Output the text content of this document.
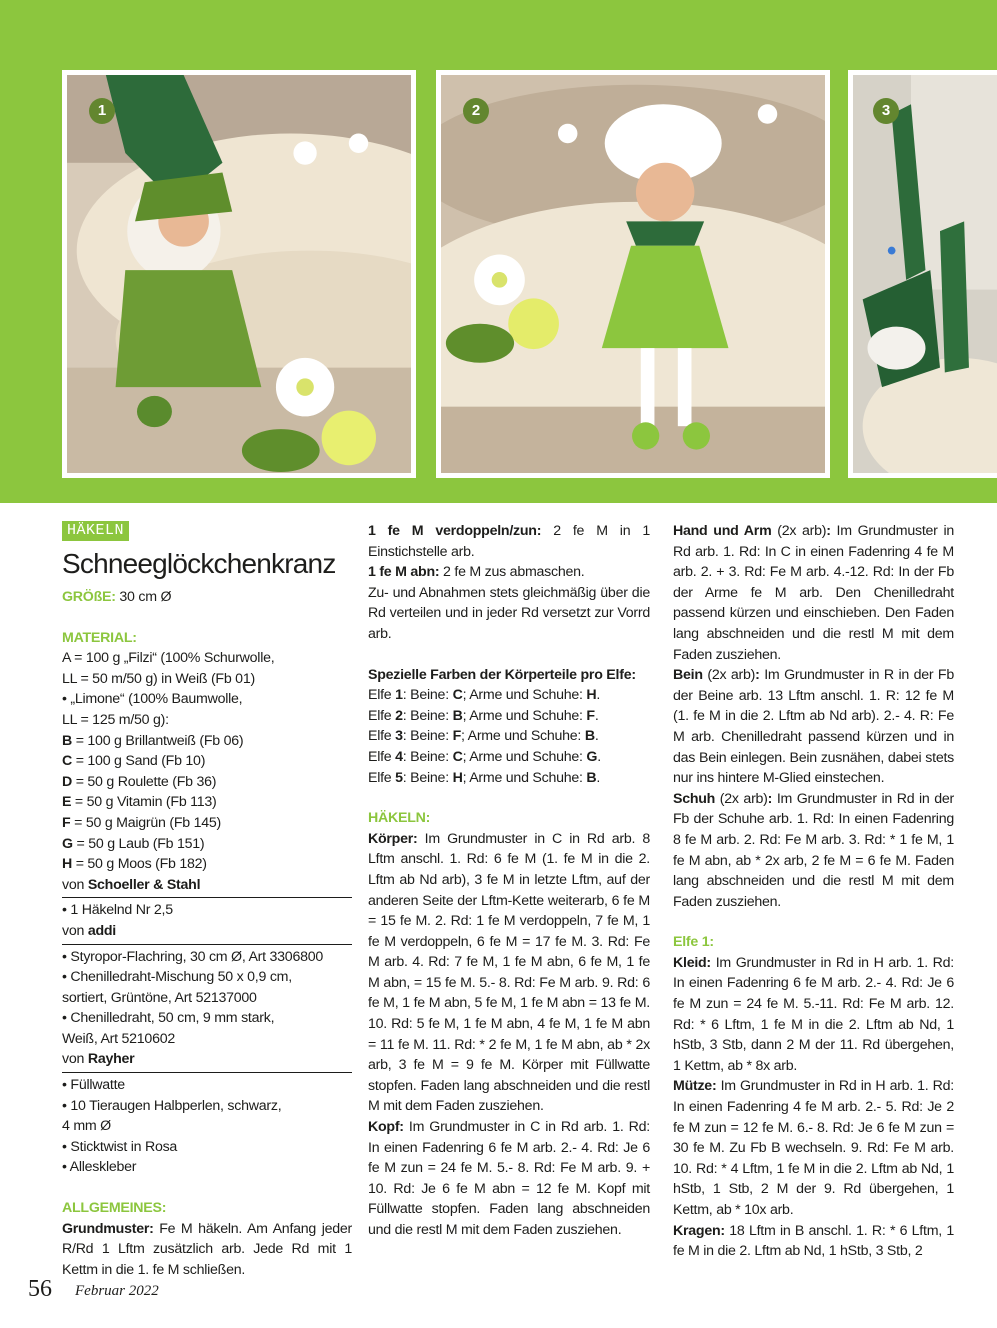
1	2	3
HÄKELN
Schneeglöckchenkranz

GRÖßE: 30 cm Ø

MATERIAL:

A = 100 g „Filzi“ (100% Schurwolle,

LL = 50 m/50 g) in Weiß (Fb 01)

• „Limone“ (100% Baumwolle,

LL = 125 m/50 g):

B = 100 g Brillantweiß (Fb 06)

C = 100 g Sand (Fb 10)

D = 50 g Roulette (Fb 36)

E = 50 g Vitamin (Fb 113)

F = 50 g Maigrün (Fb 145)

G = 50 g Laub (Fb 151)

H = 50 g Moos (Fb 182)

von Schoeller & Stahl

• 1 Häkelnd Nr 2,5

von addi

• Styropor-Flachring, 30 cm Ø, Art 3306800

• Chenilledraht-Mischung 50 x 0,9 cm,

sortiert, Grüntöne, Art 52137000

• Chenilledraht, 50 cm, 9 mm stark,

Weiß, Art 5210602

von Rayher

• Füllwatte

• 10 Tieraugen Halbperlen, schwarz,

4 mm Ø

• Sticktwist in Rosa

• Alleskleber

ALLGEMEINES:

Grundmuster: Fe M häkeln. Am Anfang jeder R/Rd 1 Lftm zusätzlich arb. Jede Rd mit 1 Kettm in die 1. fe M schließen.

1 fe M verdoppeln/zun: 2 fe M in 1 Einstichstelle arb.

1 fe M abn: 2 fe M zus abmaschen.

Zu- und Abnahmen stets gleichmäßig über die Rd verteilen und in jeder Rd versetzt zur Vorrd arb.

Spezielle Farben der Körperteile pro Elfe:

Elfe 1: Beine: C; Arme und Schuhe: H.

Elfe 2: Beine: B; Arme und Schuhe: F.

Elfe 3: Beine: F; Arme und Schuhe: B.

Elfe 4: Beine: C; Arme und Schuhe: G.

Elfe 5: Beine: H; Arme und Schuhe: B.

HÄKELN:

Körper: Im Grundmuster in C in Rd arb. 8 Lftm anschl. 1. Rd: 6 fe M (1. fe M in die 2. Lftm ab Nd arb), 3 fe M in letzte Lftm, auf der anderen Seite der Lftm-Kette weiterarb, 6 fe M = 15 fe M. 2. Rd: 1 fe M verdoppeln, 7 fe M, 1 fe M verdoppeln, 6 fe M = 17 fe M. 3. Rd: Fe M arb. 4. Rd: 7 fe M, 1 fe M abn, 6 fe M, 1 fe M abn, = 15 fe M. 5.- 8. Rd: Fe M arb. 9. Rd: 6 fe M, 1 fe M abn, 5 fe M, 1 fe M abn = 13 fe M. 10. Rd: 5 fe M, 1 fe M abn, 4 fe M, 1 fe M abn = 11 fe M. 11. Rd: * 2 fe M, 1 fe M abn, ab * 2x arb, 3 fe M = 9 fe M. Körper mit Füllwatte stopfen. Faden lang abschneiden und die restl M mit dem Faden zusziehen.

Kopf: Im Grundmuster in C in Rd arb. 1. Rd: In einen Fadenring 6 fe M arb. 2.- 4. Rd: Je 6 fe M zun = 24 fe M. 5.- 8. Rd: Fe M arb. 9. + 10. Rd: Je 6 fe M abn = 12 fe M. Kopf mit Füllwatte stopfen. Faden lang abschneiden und die restl M mit dem Faden zusziehen.

Hand und Arm (2x arb): Im Grundmuster in Rd arb. 1. Rd: In C in einen Fadenring 4 fe M arb. 2. + 3. Rd: Fe M arb. 4.-12. Rd: In der Fb der Arme fe M arb. Den Chenilledraht passend kürzen und einschieben. Den Faden lang abschneiden und die restl M mit dem Faden zusziehen.

Bein (2x arb): Im Grundmuster in R in der Fb der Beine arb. 13 Lftm anschl. 1. R: 12 fe M (1. fe M in die 2. Lftm ab Nd arb). 2.- 4. R: Fe M arb. Chenilledraht passend kürzen und in das Bein einlegen. Bein zusnähen, dabei stets nur ins hintere M-Glied einstechen.

Schuh (2x arb): Im Grundmuster in Rd in der Fb der Schuhe arb. 1. Rd: In einen Fadenring 8 fe M arb. 2. Rd: Fe M arb. 3. Rd: * 1 fe M, 1 fe M abn, ab * 2x arb, 2 fe M = 6 fe M. Faden lang abschneiden und die restl M mit dem Faden zusziehen.

Elfe 1:

Kleid: Im Grundmuster in Rd in H arb. 1. Rd: In einen Fadenring 6 fe M arb. 2.- 4. Rd: Je 6 fe M zun = 24 fe M. 5.-11. Rd: Fe M arb. 12. Rd: * 6 Lftm, 1 fe M in die 2. Lftm ab Nd, 1 hStb, 3 Stb, dann 2 M der 11. Rd übergehen, 1 Kettm, ab * 8x arb.

Mütze: Im Grundmuster in Rd in H arb. 1. Rd: In einen Fadenring 4 fe M arb. 2.- 5. Rd: Je 2 fe M zun = 12 fe M. 6.- 8. Rd: Je 6 fe M zun = 30 fe M. Zu Fb B wechseln. 9. Rd: Fe M arb. 10. Rd: * 4 Lftm, 1 fe M in die 2. Lftm ab Nd, 1 hStb, 1 Stb, 2 M der 9. Rd übergehen, 1 Kettm, ab * 10x arb.

Kragen: 18 Lftm in B anschl. 1. R: * 6 Lftm, 1 fe M in die 2. Lftm ab Nd, 1 hStb, 3 Stb, 2

56 Februar 2022
